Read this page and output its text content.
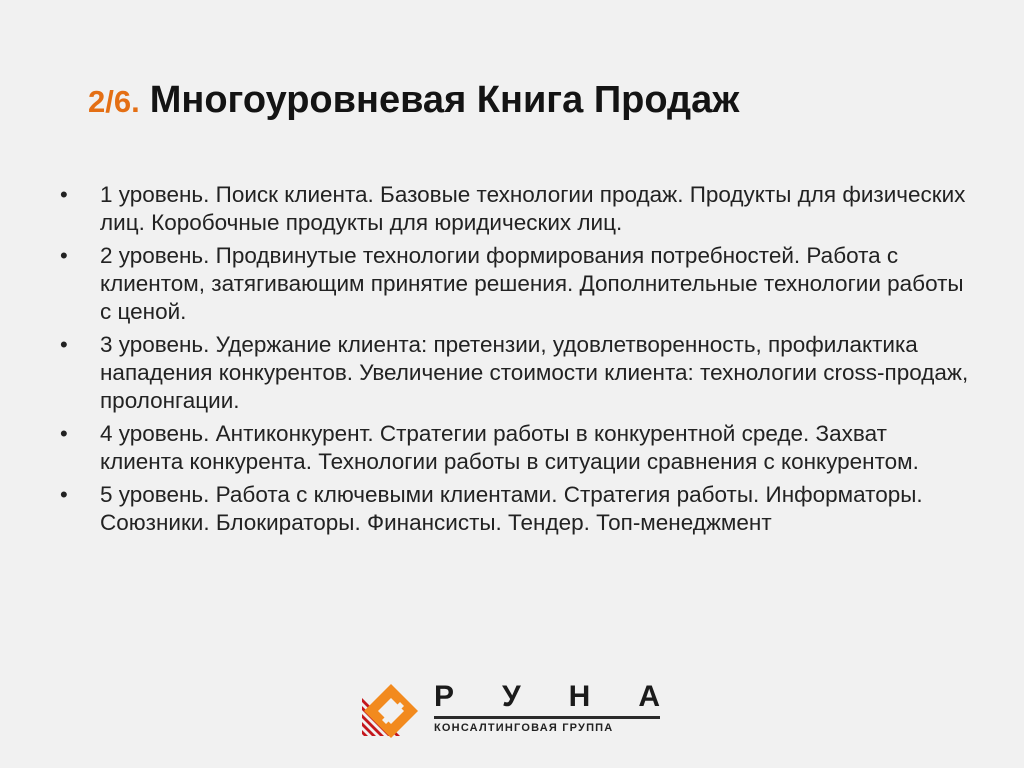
2/6. Многоуровневая Книга Продаж
•	1 уровень. Поиск клиента. Базовые технологии продаж. Продукты для физических лиц. Коробочные продукты для юридических лиц.
•	2 уровень. Продвинутые технологии формирования потребностей. Работа с клиентом, затягивающим принятие решения. Дополнительные технологии работы с ценой.
•	3 уровень. Удержание клиента: претензии, удовлетворенность, профилактика нападения конкурентов. Увеличение стоимости клиента: технологии cross-продаж, пролонгации.
•	4 уровень. Антиконкурент. Стратегии работы в конкурентной среде. Захват клиента конкурента. Технологии работы в ситуации сравнения с конкурентом.
•	5 уровень. Работа с ключевыми клиентами. Стратегия работы. Информаторы. Союзники. Блокираторы. Финансисты. Тендер. Топ-менеджмент
Р У Н А
КОНСАЛТИНГОВАЯ ГРУППА
